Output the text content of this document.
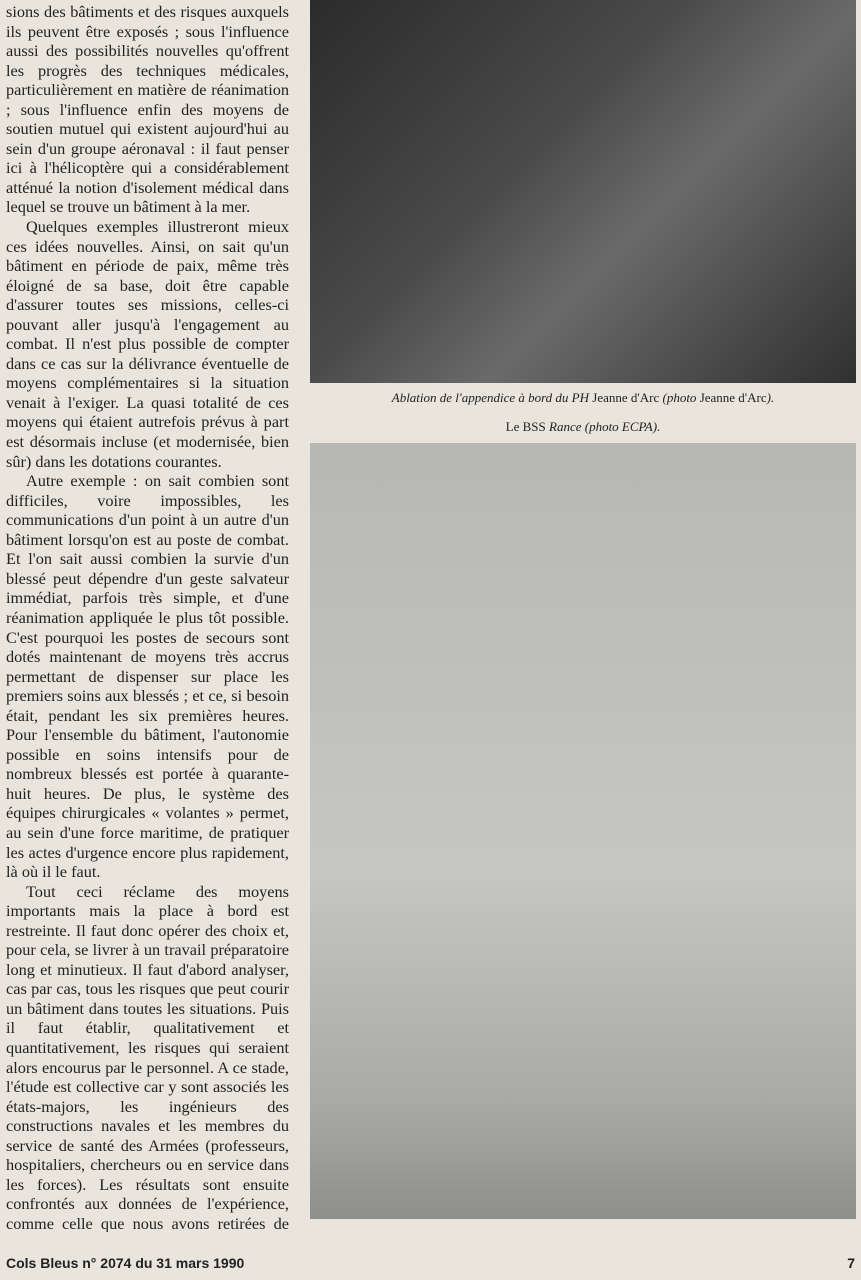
sions des bâtiments et des risques auxquels ils peuvent être exposés ; sous l'influence aussi des possibilités nouvelles qu'offrent les progrès des techniques médicales, particulièrement en matière de réanimation ; sous l'influence enfin des moyens de soutien mutuel qui existent aujourd'hui au sein d'un groupe aéronaval : il faut penser ici à l'hélicoptère qui a considérablement atténué la notion d'isolement médical dans lequel se trouve un bâtiment à la mer.

Quelques exemples illustreront mieux ces idées nouvelles. Ainsi, on sait qu'un bâtiment en période de paix, même très éloigné de sa base, doit être capable d'assurer toutes ses missions, celles-ci pouvant aller jusqu'à l'engagement au combat. Il n'est plus possible de compter dans ce cas sur la délivrance éventuelle de moyens complémentaires si la situation venait à l'exiger. La quasi totalité de ces moyens qui étaient autrefois prévus à part est désormais incluse (et modernisée, bien sûr) dans les dotations courantes.

Autre exemple : on sait combien sont difficiles, voire impossibles, les communications d'un point à un autre d'un bâtiment lorsqu'on est au poste de combat. Et l'on sait aussi combien la survie d'un blessé peut dépendre d'un geste salvateur immédiat, parfois très simple, et d'une réanimation appliquée le plus tôt possible. C'est pourquoi les postes de secours sont dotés maintenant de moyens très accrus permettant de dispenser sur place les premiers soins aux blessés ; et ce, si besoin était, pendant les six premières heures. Pour l'ensemble du bâtiment, l'autonomie possible en soins intensifs pour de nombreux blessés est portée à quarante-huit heures. De plus, le système des équipes chirurgicales « volantes » permet, au sein d'une force maritime, de pratiquer les actes d'urgence encore plus rapidement, là où il le faut.

Tout ceci réclame des moyens importants mais la place à bord est restreinte. Il faut donc opérer des choix et, pour cela, se livrer à un travail préparatoire long et minutieux. Il faut d'abord analyser, cas par cas, tous les risques que peut courir un bâtiment dans toutes les situations. Puis il faut établir, qualitativement et quantitativement, les risques qui seraient alors encourus par le personnel. A ce stade, l'étude est collective car y sont associés les états-majors, les ingénieurs des constructions navales et les membres du service de santé des Armées (professeurs, hospitaliers, chercheurs ou en service dans les forces). Les résultats sont ensuite confrontés aux données de l'expérience, comme celle que nous avons retirées de

Ablation de l'appendice à bord du PH Jeanne d'Arc (photo Jeanne d'Arc).
Le BSS Rance (photo ECPA).
Cols Bleus n° 2074 du 31 mars 1990	7
